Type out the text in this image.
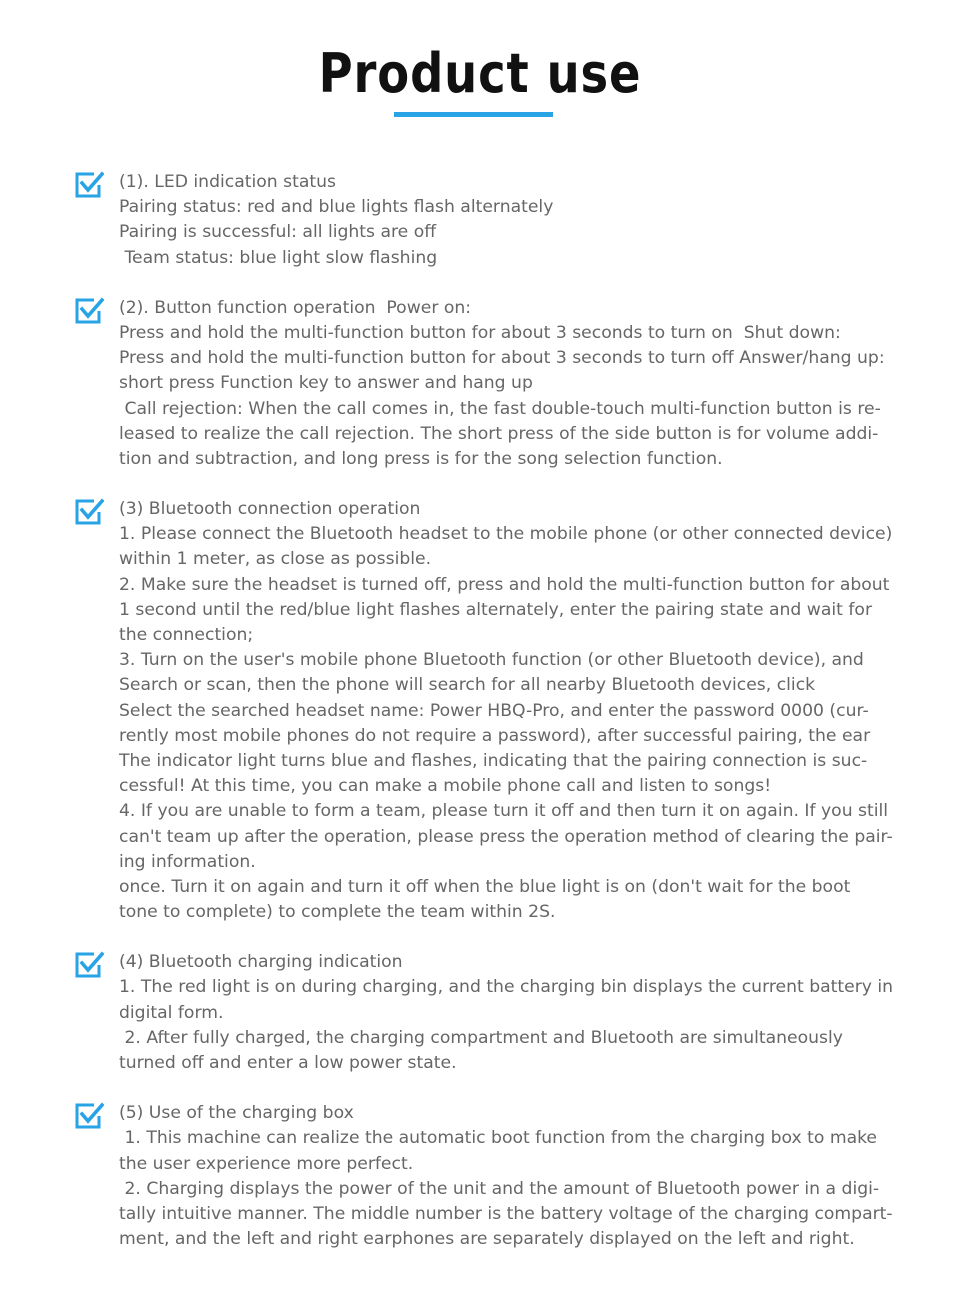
Product use
(1). LED indication status
Pairing status: red and blue lights flash alternately
Pairing is successful: all lights are off
Team status: blue light slow flashing
(2). Button function operation  Power on:
Press and hold the multi-function button for about 3 seconds to turn on  Shut down:
Press and hold the multi-function button for about 3 seconds to turn off Answer/hang up:
short press Function key to answer and hang up
Call rejection: When the call comes in, the fast double-touch multi-function button is re-
leased to realize the call rejection. The short press of the side button is for volume addi-
tion and subtraction, and long press is for the song selection function.
(3) Bluetooth connection operation
1. Please connect the Bluetooth headset to the mobile phone (or other connected device)
within 1 meter, as close as possible.
2. Make sure the headset is turned off, press and hold the multi-function button for about
1 second until the red/blue light flashes alternately, enter the pairing state and wait for
the connection;
3. Turn on the user's mobile phone Bluetooth function (or other Bluetooth device), and
Search or scan, then the phone will search for all nearby Bluetooth devices, click
Select the searched headset name: Power HBQ-Pro, and enter the password 0000 (cur-
rently most mobile phones do not require a password), after successful pairing, the ear
The indicator light turns blue and flashes, indicating that the pairing connection is suc-
cessful! At this time, you can make a mobile phone call and listen to songs!
4. If you are unable to form a team, please turn it off and then turn it on again. If you still
can't team up after the operation, please press the operation method of clearing the pair-
ing information.
once. Turn it on again and turn it off when the blue light is on (don't wait for the boot
tone to complete) to complete the team within 2S.
(4) Bluetooth charging indication
1. The red light is on during charging, and the charging bin displays the current battery in
digital form.
2. After fully charged, the charging compartment and Bluetooth are simultaneously
turned off and enter a low power state.
(5) Use of the charging box
1. This machine can realize the automatic boot function from the charging box to make
the user experience more perfect.
2. Charging displays the power of the unit and the amount of Bluetooth power in a digi-
tally intuitive manner. The middle number is the battery voltage of the charging compart-
ment, and the left and right earphones are separately displayed on the left and right.
